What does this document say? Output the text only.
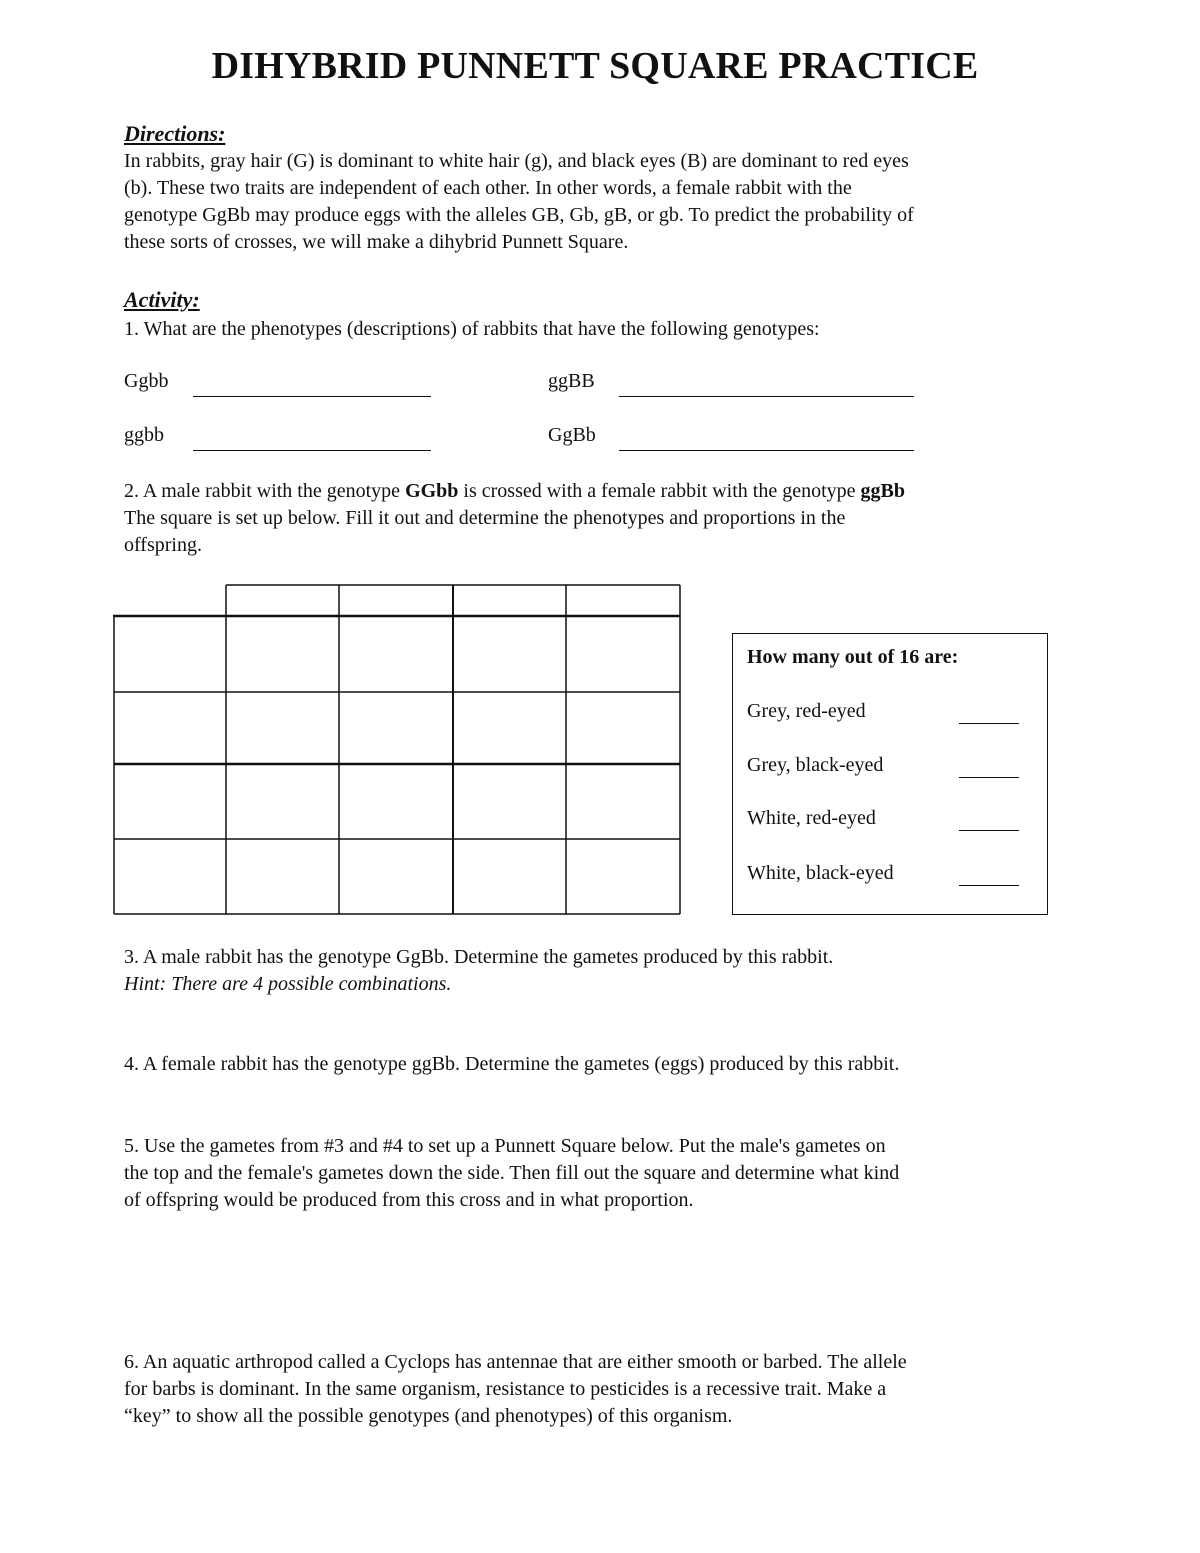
DIHYBRID PUNNETT SQUARE PRACTICE
Directions:
In rabbits, gray hair (G) is dominant to white hair (g), and black eyes (B) are dominant to red eyes
(b). These two traits are independent of each other. In other words, a female rabbit with the
genotype GgBb may produce eggs with the alleles GB, Gb, gB, or gb. To predict the probability of
these sorts of crosses, we will make a dihybrid Punnett Square.
Activity:
1. What are the phenotypes (descriptions) of rabbits that have the following genotypes:
Ggbb	ggBB
ggbb	GgBb
2. A male rabbit with the genotype GGbb is crossed with a female rabbit with the genotype ggBb
The square is set up below. Fill it out and determine the phenotypes and proportions in the
offspring.
How many out of 16 are:
Grey, red-eyed
Grey, black-eyed
White, red-eyed
White, black-eyed
3. A male rabbit has the genotype GgBb. Determine the gametes produced by this rabbit.
Hint: There are 4 possible combinations.
4. A female rabbit has the genotype ggBb. Determine the gametes (eggs) produced by this rabbit.
5. Use the gametes from #3 and #4 to set up a Punnett Square below. Put the male's gametes on
the top and the female's gametes down the side. Then fill out the square and determine what kind
of offspring would be produced from this cross and in what proportion.
6. An aquatic arthropod called a Cyclops has antennae that are either smooth or barbed. The allele
for barbs is dominant. In the same organism, resistance to pesticides is a recessive trait. Make a
“key” to show all the possible genotypes (and phenotypes) of this organism.
